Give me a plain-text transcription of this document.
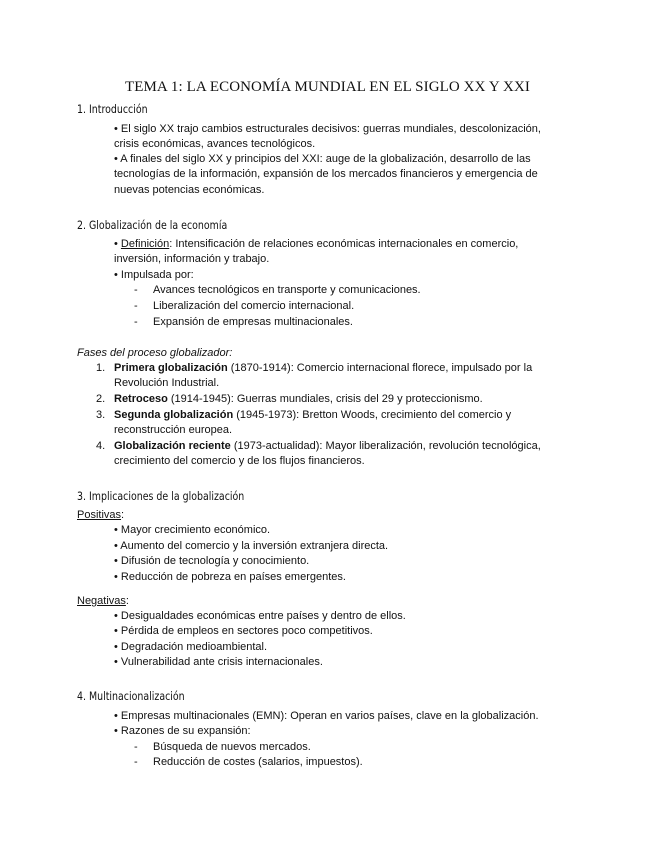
TEMA 1: LA ECONOMÍA MUNDIAL EN EL SIGLO XX Y XXI
1. Introducción
• El siglo XX trajo cambios estructurales decisivos: guerras mundiales, descolonización,
crisis económicas, avances tecnológicos.
• A finales del siglo XX y principios del XXI: auge de la globalización, desarrollo de las
tecnologías de la información, expansión de los mercados financieros y emergencia de
nuevas potencias económicas.
2. Globalización de la economía
• Definición: Intensificación de relaciones económicas internacionales en comercio,
inversión, información y trabajo.
• Impulsada por:
- Avances tecnológicos en transporte y comunicaciones.
- Liberalización del comercio internacional.
- Expansión de empresas multinacionales.
Fases del proceso globalizador:
1. Primera globalización (1870-1914): Comercio internacional florece, impulsado por la
Revolución Industrial.
2. Retroceso (1914-1945): Guerras mundiales, crisis del 29 y proteccionismo.
3. Segunda globalización (1945-1973): Bretton Woods, crecimiento del comercio y
reconstrucción europea.
4. Globalización reciente (1973-actualidad): Mayor liberalización, revolución tecnológica,
crecimiento del comercio y de los flujos financieros.
3. Implicaciones de la globalización
Positivas:
• Mayor crecimiento económico.
• Aumento del comercio y la inversión extranjera directa.
• Difusión de tecnología y conocimiento.
• Reducción de pobreza en países emergentes.
Negativas:
• Desigualdades económicas entre países y dentro de ellos.
• Pérdida de empleos en sectores poco competitivos.
• Degradación medioambiental.
• Vulnerabilidad ante crisis internacionales.
4. Multinacionalización
• Empresas multinacionales (EMN): Operan en varios países, clave en la globalización.
• Razones de su expansión:
- Búsqueda de nuevos mercados.
- Reducción de costes (salarios, impuestos).
